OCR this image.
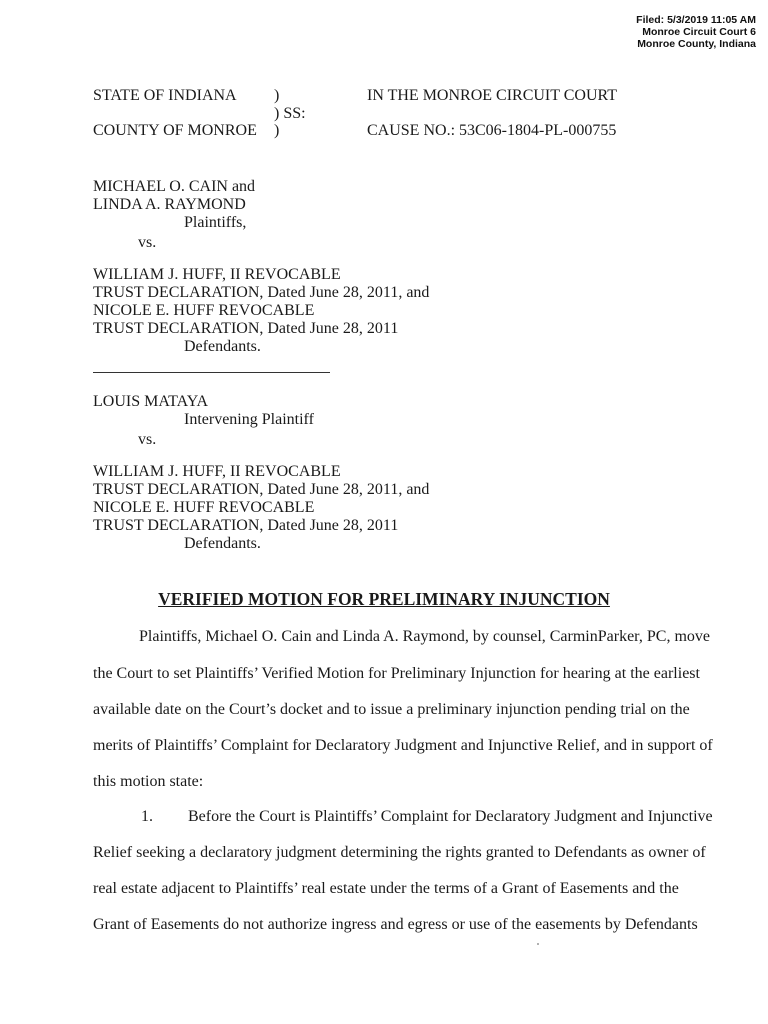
Filed: 5/3/2019 11:05 AM
Monroe Circuit Court 6
Monroe County, Indiana
STATE OF INDIANA )	IN THE MONROE CIRCUIT COURT
) SS:
COUNTY OF MONROE )	CAUSE NO.: 53C06-1804-PL-000755
MICHAEL O. CAIN and
LINDA A. RAYMOND
Plaintiffs,
vs.
WILLIAM J. HUFF, II REVOCABLE
TRUST DECLARATION, Dated June 28, 2011, and
NICOLE E. HUFF REVOCABLE
TRUST DECLARATION, Dated June 28, 2011
Defendants.
LOUIS MATAYA
Intervening Plaintiff
vs.
WILLIAM J. HUFF, II REVOCABLE
TRUST DECLARATION, Dated June 28, 2011, and
NICOLE E. HUFF REVOCABLE
TRUST DECLARATION, Dated June 28, 2011
Defendants.
VERIFIED MOTION FOR PRELIMINARY INJUNCTION
Plaintiffs, Michael O. Cain and Linda A. Raymond, by counsel, CarminParker, PC, move
the Court to set Plaintiffs’ Verified Motion for Preliminary Injunction for hearing at the earliest
available date on the Court’s docket and to issue a preliminary injunction pending trial on the
merits of Plaintiffs’ Complaint for Declaratory Judgment and Injunctive Relief, and in support of
this motion state:
1. Before the Court is Plaintiffs’ Complaint for Declaratory Judgment and Injunctive
Relief seeking a declaratory judgment determining the rights granted to Defendants as owner of
real estate adjacent to Plaintiffs’ real estate under the terms of a Grant of Easements and the
Grant of Easements do not authorize ingress and egress or use of the easements by Defendants
